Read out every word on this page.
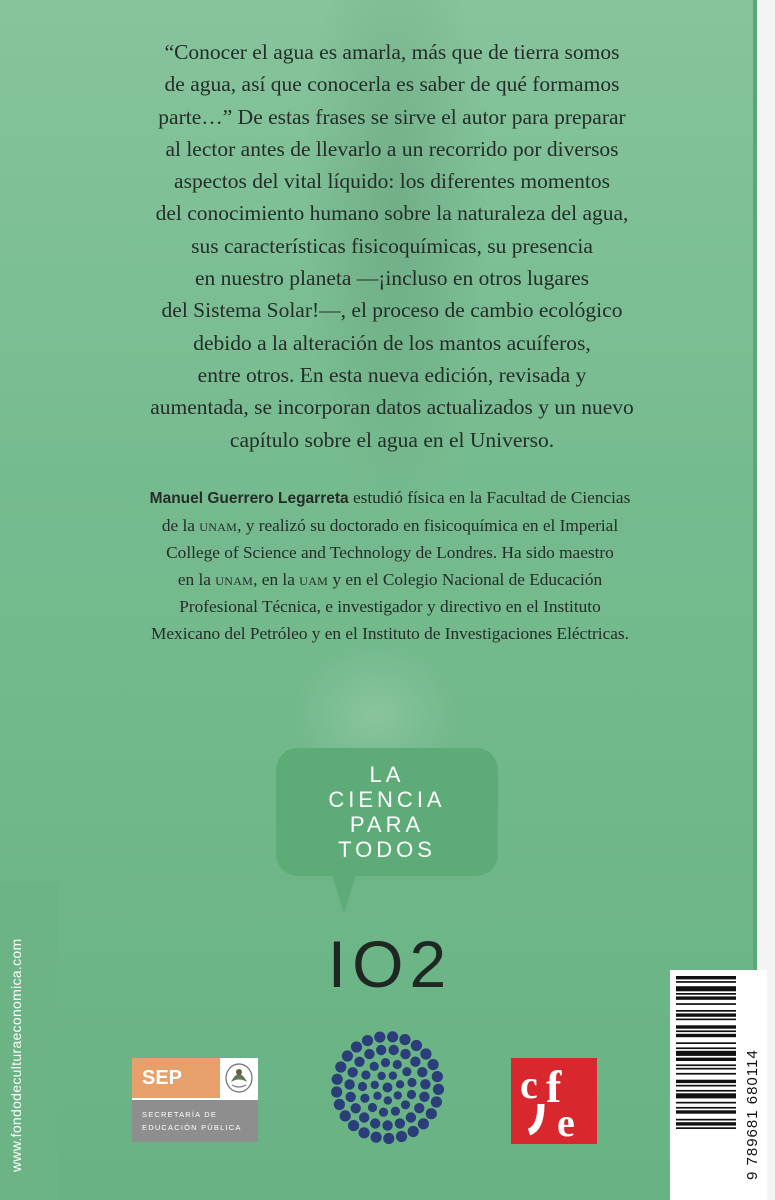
www.fondodeculturaeconomica.com

“Conocer el agua es amarla, más que de tierra somos
de agua, así que conocerla es saber de qué formamos
parte…” De estas frases se sirve el autor para preparar
al lector antes de llevarlo a un recorrido por diversos
aspectos del vital líquido: los diferentes momentos
del conocimiento humano sobre la naturaleza del agua,
sus características fisicoquímicas, su presencia
en nuestro planeta —¡incluso en otros lugares
del Sistema Solar!—, el proceso de cambio ecológico
debido a la alteración de los mantos acuíferos,
entre otros. En esta nueva edición, revisada y
aumentada, se incorporan datos actualizados y un nuevo
capítulo sobre el agua en el Universo.

Manuel Guerrero Legarreta estudió física en la Facultad de Ciencias
de la unam, y realizó su doctorado en fisicoquímica en el Imperial
College of Science and Technology de Londres. Ha sido maestro
en la unam, en la uam y en el Colegio Nacional de Educación
Profesional Técnica, e investigador y directivo en el Instituto
Mexicano del Petróleo y en el Instituto de Investigaciones Eléctricas.

LA
CIENCIA
PARA
TODOS
IO2
9 789681 680114
SEP
SECRETARÍA DE
EDUCACIÓN PÚBLICA
c f
e
